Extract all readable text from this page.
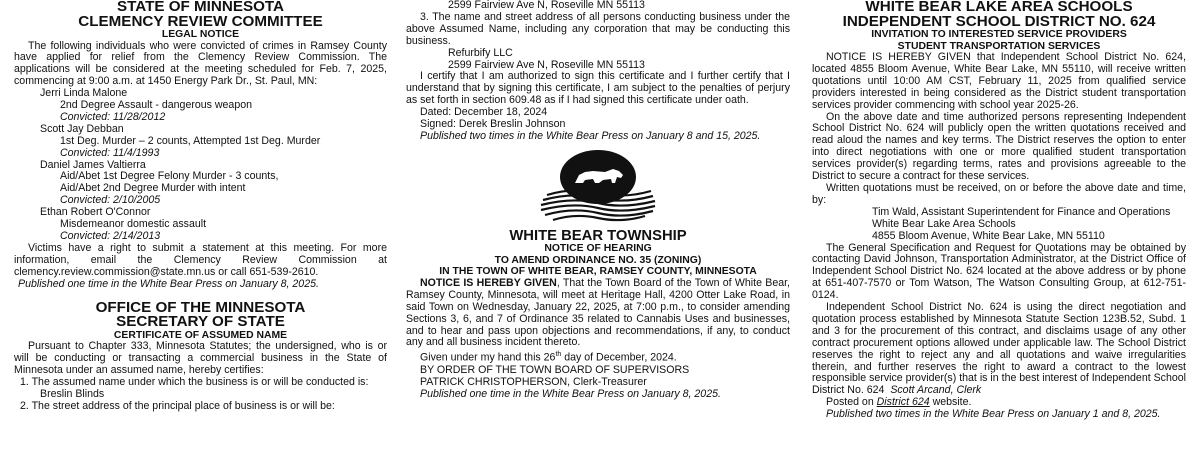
STATE OF MINNESOTA
CLEMENCY REVIEW COMMITTEE
LEGAL NOTICE

The following individuals who were convicted of crimes in Ramsey County have applied for relief from the Clemency Review Commission. The applications will be considered at the meeting scheduled for Feb. 7, 2025, commencing at 9:00 a.m. at 1450 Energy Park Dr., St. Paul, MN:

Jerri Linda Malone
2nd Degree Assault - dangerous weapon
Convicted: 11/28/2012
Scott Jay Debban
1st Deg. Murder – 2 counts, Attempted 1st Deg. Murder
Convicted: 11/4/1993
Daniel James Valtierra
Aid/Abet 1st Degree Felony Murder - 3 counts,
Aid/Abet 2nd Degree Murder with intent
Convicted: 2/10/2005
Ethan Robert O'Connor
Misdemeanor domestic assault
Convicted: 2/14/2013

Victims have a right to submit a statement at this meeting. For more information, email the Clemency Review Commission at clemency.review.commission@state.mn.us or call 651-539-2610.

Published one time in the White Bear Press on January 8, 2025.
OFFICE OF THE MINNESOTA
SECRETARY OF STATE
CERTIFICATE OF ASSUMED NAME

Pursuant to Chapter 333, Minnesota Statutes; the undersigned, who is or will be conducting or transacting a commercial business in the State of Minnesota under an assumed name, hereby certifies:

1. The assumed name under which the business is or will be conducted is:
Breslin Blinds
2. The street address of the principal place of business is or will be:
2599 Fairview Ave N, Roseville MN 55113

3. The name and street address of all persons conducting business under the above Assumed Name, including any corporation that may be conducting this business.

Refurbify LLC
2599 Fairview Ave N, Roseville MN 55113

I certify that I am authorized to sign this certificate and I further certify that I understand that by signing this certificate, I am subject to the penalties of perjury as set forth in section 609.48 as if I had signed this certificate under oath.

Dated: December 18, 2024
Signed: Derek Breslin Johnson
Published two times in the White Bear Press on January 8 and 15, 2025.
WHITE BEAR TOWNSHIP
NOTICE OF HEARING
TO AMEND ORDINANCE NO. 35 (ZONING)
IN THE TOWN OF WHITE BEAR, RAMSEY COUNTY, MINNESOTA

NOTICE IS HEREBY GIVEN, That the Town Board of the Town of White Bear, Ramsey County, Minnesota, will meet at Heritage Hall, 4200 Otter Lake Road, in said Town on Wednesday, January 22, 2025, at 7:00 p.m., to consider amending Sections 3, 6, and 7 of Ordinance 35 related to Cannabis Uses and businesses, and to hear and pass upon objections and recommendations, if any, to conduct any and all business incident thereto.

Given under my hand this 26th day of December, 2024.
BY ORDER OF THE TOWN BOARD OF SUPERVISORS
PATRICK CHRISTOPHERSON, Clerk-Treasurer
Published one time in the White Bear Press on January 8, 2025.
WHITE BEAR LAKE AREA SCHOOLS
INDEPENDENT SCHOOL DISTRICT NO. 624
INVITATION TO INTERESTED SERVICE PROVIDERS
STUDENT TRANSPORTATION SERVICES

NOTICE IS HEREBY GIVEN that Independent School District No. 624, located 4855 Bloom Avenue, White Bear Lake, MN 55110, will receive written quotations until 10:00 AM CST, February 11, 2025 from qualified service providers interested in being considered as the District student transportation services provider commencing with school year 2025-26.

On the above date and time authorized persons representing Independent School District No. 624 will publicly open the written quotations received and read aloud the names and key terms. The District reserves the option to enter into direct negotiations with one or more qualified student transportation services provider(s) regarding terms, rates and provisions agreeable to the District to secure a contract for these services.

Written quotations must be received, on or before the above date and time, by:

Tim Wald, Assistant Superintendent for Finance and Operations
White Bear Lake Area Schools
4855 Bloom Avenue, White Bear Lake, MN 55110

The General Specification and Request for Quotations may be obtained by contacting David Johnson, Transportation Administrator, at the District Office of Independent School District No. 624 located at the above address or by phone at 651-407-7570 or Tom Watson, The Watson Consulting Group, at 612-751-0124.

Independent School District No. 624 is using the direct negotiation and quotation process established by Minnesota Statute Section 123B.52, Subd. 1 and 3 for the procurement of this contract, and disclaims usage of any other contract procurement options allowed under applicable law. The School District reserves the right to reject any and all quotations and waive irregularities therein, and further reserves the right to award a contract to the lowest responsible service provider(s) that is in the best interest of Independent School District No. 624 Scott Arcand, Clerk

Posted on District 624 website.
Published two times in the White Bear Press on January 1 and 8, 2025.
